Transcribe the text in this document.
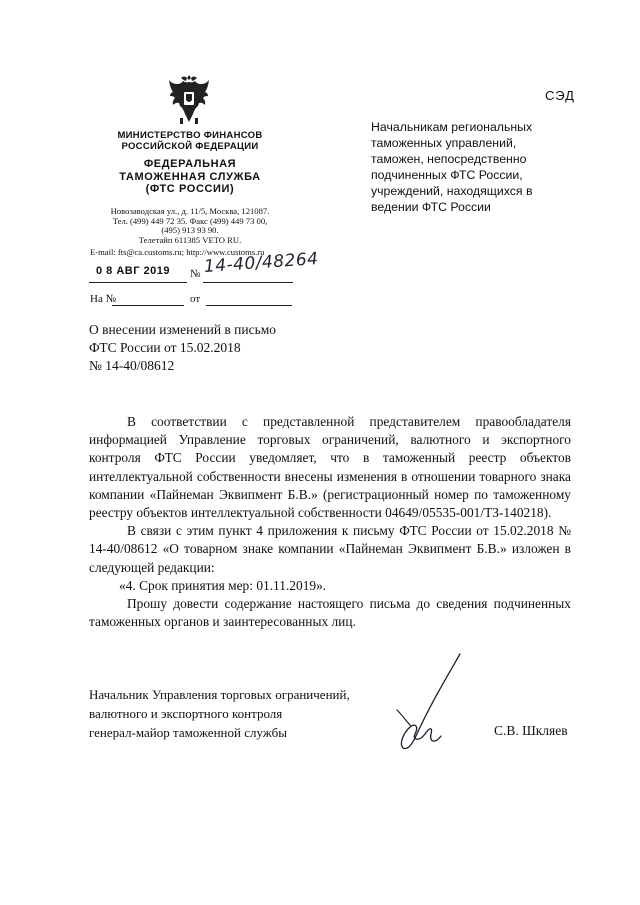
МИНИСТЕРСТВО ФИНАНСОВ
РОССИЙСКОЙ ФЕДЕРАЦИИ
ФЕДЕРАЛЬНАЯ
ТАМОЖЕННАЯ СЛУЖБА
(ФТС РОССИИ)
Новозаводская ул., д. 11/5, Москва, 121087.
Тел. (499) 449 72 35. Факс (499) 449 73 00,
(495) 913 93 90.
Телетайп 611385 VETO RU.
E-mail: fts@ca.customs.ru; http://www.customs.ru
0 8 АВГ 2019 № 14-40/48264
На №	от
СЭД
Начальникам региональных таможенных управлений, таможен, непосредственно подчиненных ФТС России, учреждений, находящихся в ведении ФТС России
О внесении изменений в письмо
ФТС России от 15.02.2018
№ 14-40/08612

В соответствии с представленной представителем правообладателя информацией Управление торговых ограничений, валютного и экспортного контроля ФТС России уведомляет, что в таможенный реестр объектов интеллектуальной собственности внесены изменения в отношении товарного знака компании «Пайнеман Эквипмент Б.В.» (регистрационный номер по таможенному реестру объектов интеллектуальной собственности 04649/05535-001/ТЗ-140218).

В связи с этим пункт 4 приложения к письму ФТС России от 15.02.2018 № 14-40/08612 «О товарном знаке компании «Пайнеман Эквипмент Б.В.» изложен в следующей редакции:

«4. Срок принятия мер: 01.11.2019».

Прошу довести содержание настоящего письма до сведения подчиненных таможенных органов и заинтересованных лиц.

Начальник Управления торговых ограничений,
валютного и экспортного контроля
генерал-майор таможенной службы	С.В. Шкляев
